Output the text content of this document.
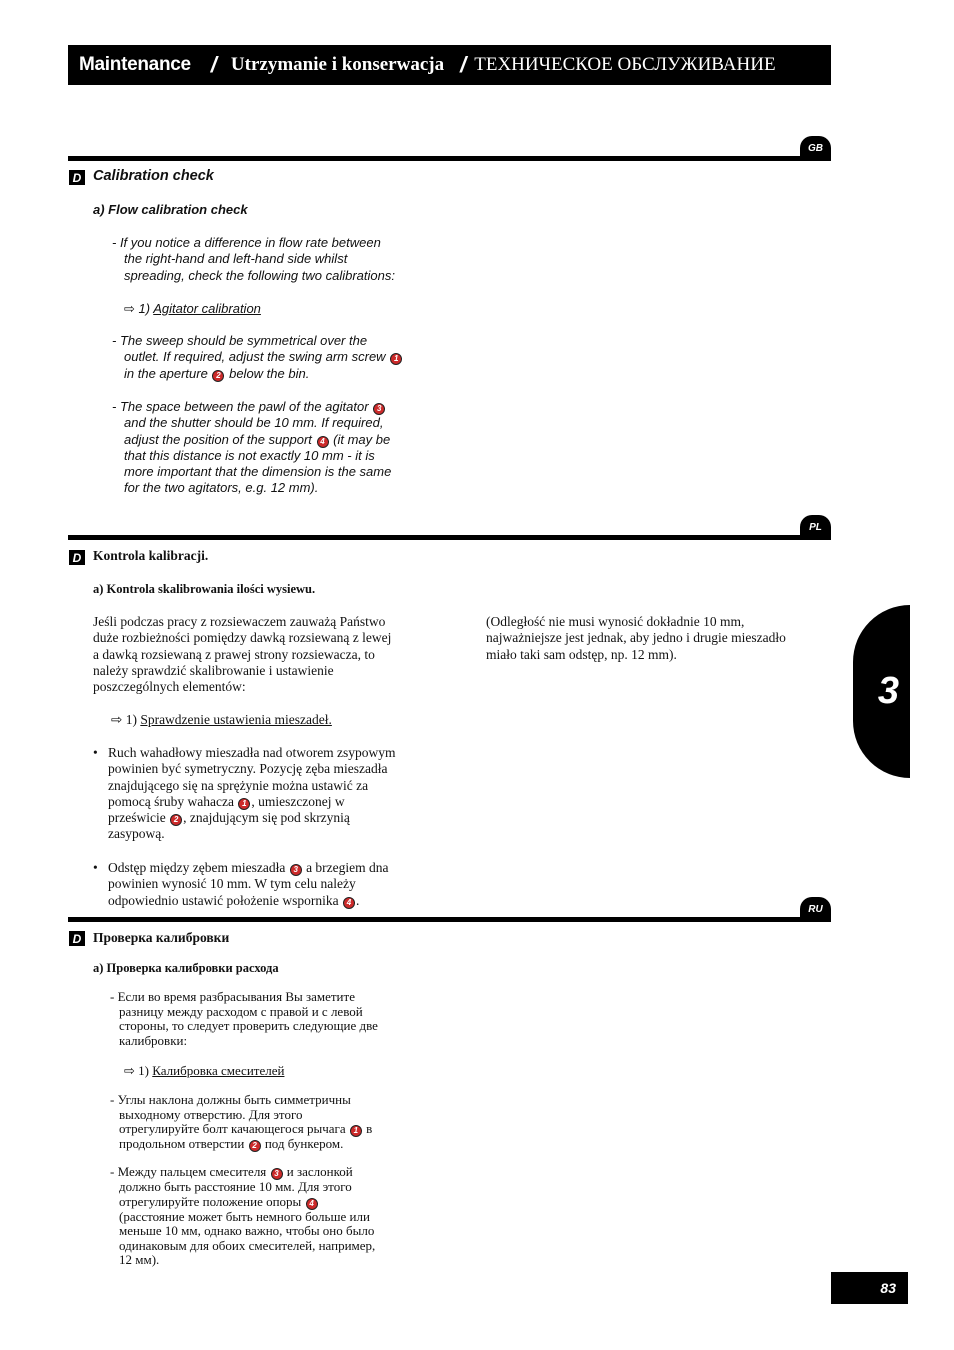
Maintenance / Utrzymanie i konserwacja / ТЕХНИЧЕСКОЕ ОБСЛУЖИВАНИЕ
GB
D Calibration check
a) Flow calibration check
- If you notice a difference in flow rate between
the right-hand and left-hand side whilst
spreading, check the following two calibrations:
⇨ 1) Agitator calibration
- The sweep should be symmetrical over the
outlet. If required, adjust the swing arm screw 1
in the aperture 2 below the bin.
- The space between the pawl of the agitator 3
and the shutter should be 10 mm. If required,
adjust the position of the support 4 (it may be
that this distance is not exactly 10 mm - it is
more important that the dimension is the same
for the two agitators, e.g. 12 mm).
PL
D Kontrola kalibracji.
a) Kontrola skalibrowania ilości wysiewu.
Jeśli podczas pracy z rozsiewaczem zauważą Państwo
duże rozbieżności pomiędzy dawką rozsiewaną z lewej
a dawką rozsiewaną z prawej strony rozsiewacza, to
należy sprawdzić skalibrowanie i ustawienie
poszczególnych elementów:
⇨ 1) Sprawdzenie ustawienia mieszadeł.
• Ruch wahadłowy mieszadła nad otworem zsypowym
powinien być symetryczny. Pozycję zęba mieszadła
znajdującego się na sprężynie można ustawić za
pomocą śruby wahacza 1 , umieszczonej w
prześwicie 2 , znajdującym się pod skrzynią
zasypową.
• Odstęp między zębem mieszadła 3 a brzegiem dna
powinien wynosić 10 mm. W tym celu należy
odpowiednio ustawić położenie wspornika 4 .
(Odległość nie musi wynosić dokładnie 10 mm,
najważniejsze jest jednak, aby jedno i drugie mieszadło
miało taki sam odstęp, np. 12 mm).
RU
D Проверка калибровки
a) Проверка калибровки расхода
- Если во время разбрасывания Вы заметите
разницу между расходом с правой и с левой
стороны, то следует проверить следующие две
калибровки:
⇨ 1) Калибровка смесителей
- Углы наклона должны быть симметричны
выходному отверстию. Для этого
отрегулируйте болт качающегося рычага 1 в
продольном отверстии 2 под бункером.
- Между пальцем смесителя 3 и заслонкой
должно быть расстояние 10 мм. Для этого
отрегулируйте положение опоры 4
(расстояние может быть немного больше или
меньше 10 мм, однако важно, чтобы оно было
одинаковым для обоих смесителей, например,
12 мм).
3
83
